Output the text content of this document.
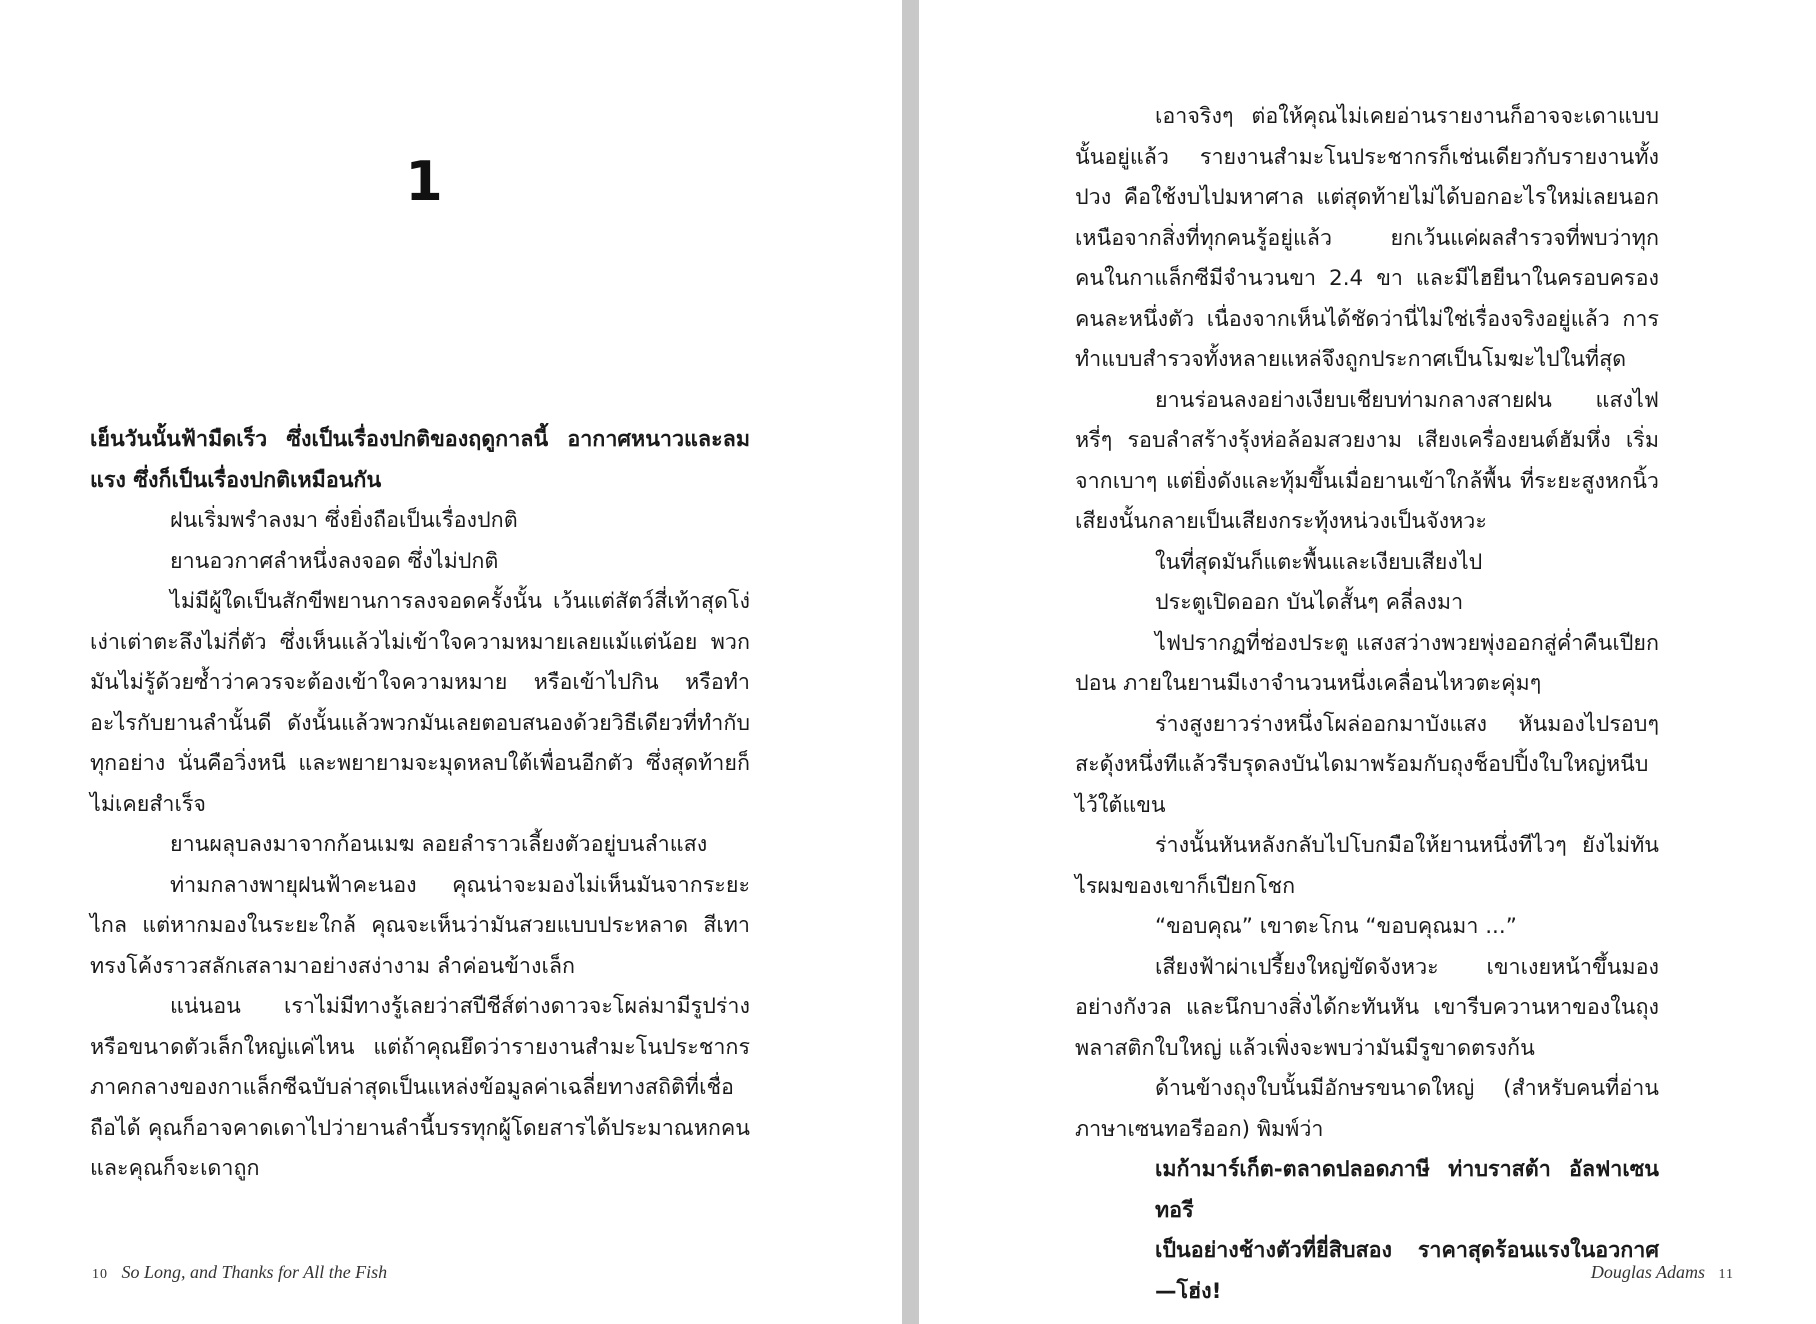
1

เย็นวันนั้นฟ้ามืดเร็ว ซึ่งเป็นเรื่องปกติของฤดูกาลนี้ อากาศหนาวและลมแรง ซึ่งก็เป็นเรื่องปกติเหมือนกัน

ฝนเริ่มพรำลงมา ซึ่งยิ่งถือเป็นเรื่องปกติ

ยานอวกาศลำหนึ่งลงจอด ซึ่งไม่ปกติ

ไม่มีผู้ใดเป็นสักขีพยานการลงจอดครั้งนั้น เว้นแต่สัตว์สี่เท้าสุดโง่เง่าเต่าตะลึงไม่กี่ตัว ซึ่งเห็นแล้วไม่เข้าใจความหมายเลยแม้แต่น้อย พวกมันไม่รู้ด้วยซ้ำว่าควรจะต้องเข้าใจความหมาย หรือเข้าไปกิน หรือทำอะไรกับยานลำนั้นดี ดังนั้นแล้วพวกมันเลยตอบสนองด้วยวิธีเดียวที่ทำกับทุกอย่าง นั่นคือวิ่งหนี และพยายามจะมุดหลบใต้เพื่อนอีกตัว ซึ่งสุดท้ายก็ไม่เคยสำเร็จ

ยานผลุบลงมาจากก้อนเมฆ ลอยลำราวเลี้ยงตัวอยู่บนลำแสง

ท่ามกลางพายุฝนฟ้าคะนอง คุณน่าจะมองไม่เห็นมันจากระยะไกล แต่หากมองในระยะใกล้ คุณจะเห็นว่ามันสวยแบบประหลาด สีเทาทรงโค้งราวสลักเสลามาอย่างสง่างาม ลำค่อนข้างเล็ก

แน่นอน เราไม่มีทางรู้เลยว่าสปีชีส์ต่างดาวจะโผล่มามีรูปร่างหรือขนาดตัวเล็กใหญ่แค่ไหน แต่ถ้าคุณยึดว่ารายงานสำมะโนประชากรภาคกลางของกาแล็กซีฉบับล่าสุดเป็นแหล่งข้อมูลค่าเฉลี่ยทางสถิติที่เชื่อถือได้ คุณก็อาจคาดเดาไปว่ายานลำนี้บรรทุกผู้โดยสารได้ประมาณหกคน และคุณก็จะเดาถูก

10 So Long, and Thanks for All the Fish

เอาจริงๆ ต่อให้คุณไม่เคยอ่านรายงานก็อาจจะเดาแบบนั้นอยู่แล้ว รายงานสำมะโนประชากรก็เช่นเดียวกับรายงานทั้งปวง คือใช้งบไปมหาศาล แต่สุดท้ายไม่ได้บอกอะไรใหม่เลยนอกเหนือจากสิ่งที่ทุกคนรู้อยู่แล้ว ยกเว้นแค่ผลสำรวจที่พบว่าทุกคนในกาแล็กซีมีจำนวนขา 2.4 ขา และมีไฮยีนาในครอบครองคนละหนึ่งตัว เนื่องจากเห็นได้ชัดว่านี่ไม่ใช่เรื่องจริงอยู่แล้ว การทำแบบสำรวจทั้งหลายแหล่จึงถูกประกาศเป็นโมฆะไปในที่สุด

ยานร่อนลงอย่างเงียบเชียบท่ามกลางสายฝน แสงไฟหรี่ๆ รอบลำสร้างรุ้งห่อล้อมสวยงาม เสียงเครื่องยนต์ฮัมหึ่ง เริ่มจากเบาๆ แต่ยิ่งดังและทุ้มขึ้นเมื่อยานเข้าใกล้พื้น ที่ระยะสูงหกนิ้ว เสียงนั้นกลายเป็นเสียงกระทุ้งหน่วงเป็นจังหวะ

ในที่สุดมันก็แตะพื้นและเงียบเสียงไป

ประตูเปิดออก บันไดสั้นๆ คลี่ลงมา

ไฟปรากฏที่ช่องประตู แสงสว่างพวยพุ่งออกสู่ค่ำคืนเปียกปอน ภายในยานมีเงาจำนวนหนึ่งเคลื่อนไหวตะคุ่มๆ

ร่างสูงยาวร่างหนึ่งโผล่ออกมาบังแสง หันมองไปรอบๆ สะดุ้งหนึ่งทีแล้วรีบรุดลงบันไดมาพร้อมกับถุงช็อปปิ้งใบใหญ่หนีบไว้ใต้แขน

ร่างนั้นหันหลังกลับไปโบกมือให้ยานหนึ่งทีไวๆ ยังไม่ทันไรผมของเขาก็เปียกโชก

“ขอบคุณ” เขาตะโกน “ขอบคุณมา ...”

เสียงฟ้าผ่าเปรี้ยงใหญ่ขัดจังหวะ เขาเงยหน้าขึ้นมองอย่างกังวล และนึกบางสิ่งได้กะทันหัน เขารีบควานหาของในถุงพลาสติกใบใหญ่ แล้วเพิ่งจะพบว่ามันมีรูขาดตรงก้น

ด้านข้างถุงใบนั้นมีอักษรขนาดใหญ่ (สำหรับคนที่อ่านภาษาเซนทอรีออก) พิมพ์ว่า

เมก้ามาร์เก็ต-ตลาดปลอดภาษี ท่าบราสต้า อัลฟาเซนทอรี

เป็นอย่างช้างตัวที่ยี่สิบสอง ราคาสุดร้อนแรงในอวกาศ—โฮ่ง!

Douglas Adams 11
